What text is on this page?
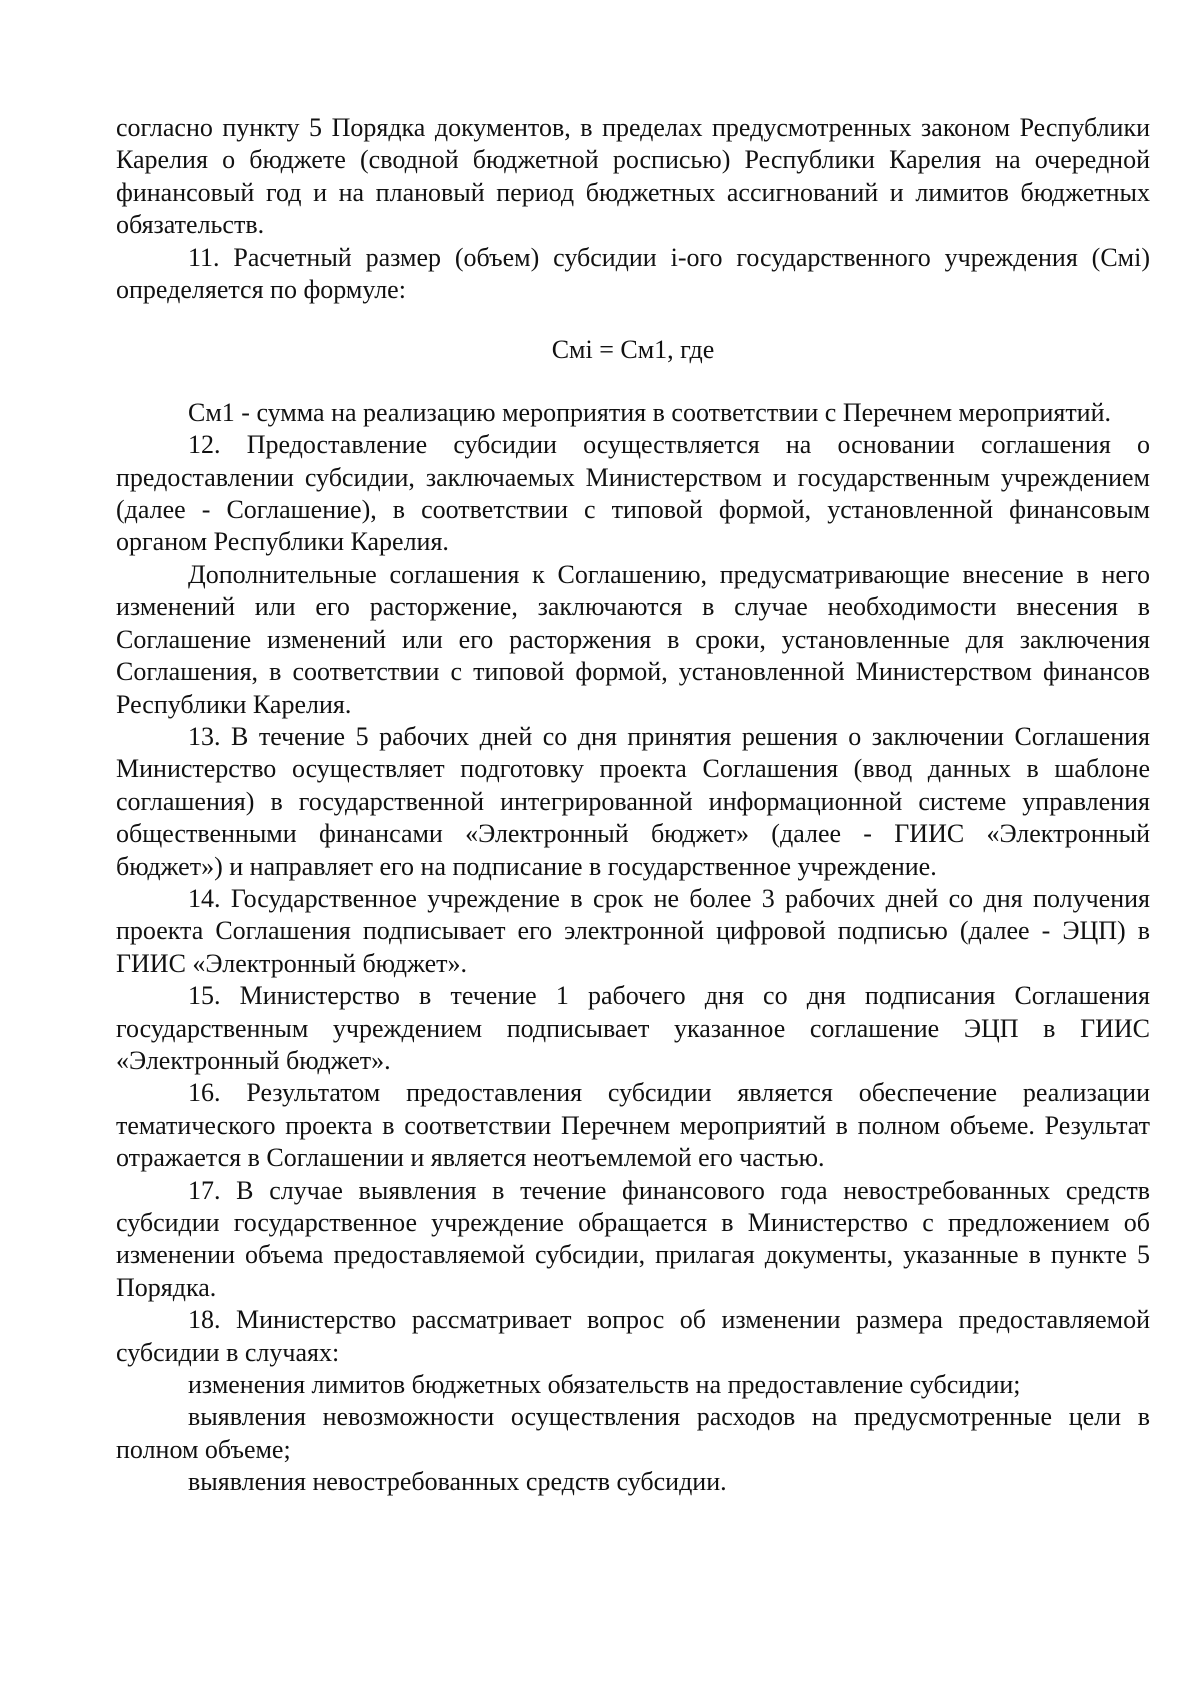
согласно пункту 5 Порядка документов, в пределах предусмотренных законом Республики Карелия о бюджете (сводной бюджетной росписью) Республики Карелия на очередной финансовый год и на плановый период бюджетных ассигнований и лимитов бюджетных обязательств.

11. Расчетный размер (объем) субсидии i-ого государственного учреждения (Смi) определяется по формуле:

Смi = См1, где

См1 - сумма на реализацию мероприятия в соответствии с Перечнем мероприятий.

12. Предоставление субсидии осуществляется на основании соглашения о предоставлении субсидии, заключаемых Министерством и государственным учреждением (далее - Соглашение), в соответствии с типовой формой, установленной финансовым органом Республики Карелия.

Дополнительные соглашения к Соглашению, предусматривающие внесение в него изменений или его расторжение, заключаются в случае необходимости внесения в Соглашение изменений или его расторжения в сроки, установленные для заключения Соглашения, в соответствии с типовой формой, установленной Министерством финансов Республики Карелия.

13. В течение 5 рабочих дней со дня принятия решения о заключении Соглашения Министерство осуществляет подготовку проекта Соглашения (ввод данных в шаблоне соглашения) в государственной интегрированной информационной системе управления общественными финансами «Электронный бюджет» (далее - ГИИС «Электронный бюджет») и направляет его на подписание в государственное учреждение.

14. Государственное учреждение в срок не более 3 рабочих дней со дня получения проекта Соглашения подписывает его электронной цифровой подписью (далее - ЭЦП) в ГИИС «Электронный бюджет».

15. Министерство в течение 1 рабочего дня со дня подписания Соглашения государственным учреждением подписывает указанное соглашение ЭЦП в ГИИС «Электронный бюджет».

16. Результатом предоставления субсидии является обеспечение реализации тематического проекта в соответствии Перечнем мероприятий в полном объеме. Результат отражается в Соглашении и является неотъемлемой его частью.

17. В случае выявления в течение финансового года невостребованных средств субсидии государственное учреждение обращается в Министерство с предложением об изменении объема предоставляемой субсидии, прилагая документы, указанные в пункте 5 Порядка.

18. Министерство рассматривает вопрос об изменении размера предоставляемой субсидии в случаях:

изменения лимитов бюджетных обязательств на предоставление субсидии;

выявления невозможности осуществления расходов на предусмотренные цели в полном объеме;

выявления невостребованных средств субсидии.
